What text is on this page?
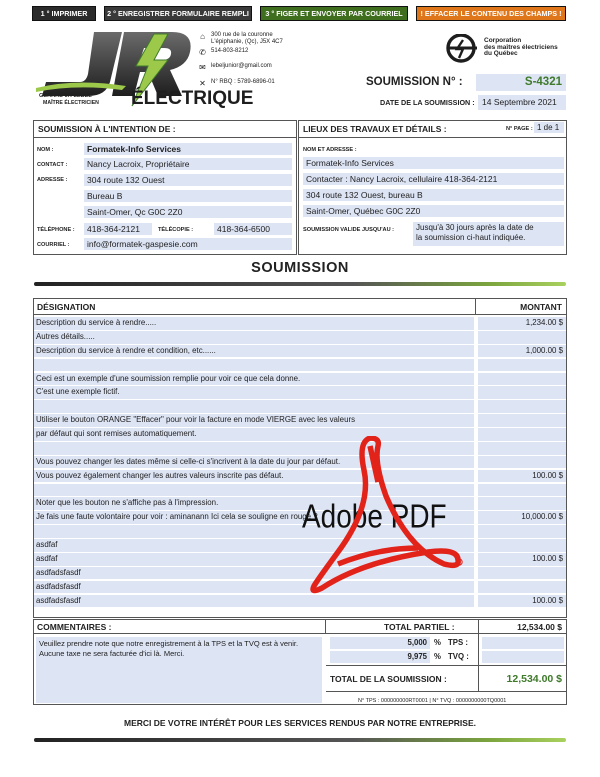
1 ° IMPRIMER	2 ° ENREGISTRER FORMULAIRE REMPLI	3 ° FIGER ET ENVOYER PAR COURRIEL	! EFFACER LE CONTENU DES CHAMPS !
GÉRARD JR LEBEL
MAÎTRE ÉLECTRICIEN ÉLECTRIQUE
⌂	300 rue de la couronne
L'épiphanie, (Qc), J5X 4C7
✆ 514-803-8212
✉ lebeljunior@gmail.com
✕ N° RBQ : 5789-6896-01
Corporation
des maîtres électriciens
du Québec
SOUMISSION N° :	S-4321
DATE DE LA SOUMISSION : 14 Septembre 2021
SOUMISSION À L'INTENTION DE :
NOM :	Formatek-Info Services
CONTACT :	Nancy Lacroix, Propriétaire
ADRESSE :	304 route 132 Ouest
Bureau B
Saint-Omer, Qc G0C 2Z0
TÉLÉPHONE :	418-364-2121	TÉLÉCOPIE :	418-364-6500
COURRIEL :	info@formatek-gaspesie.com
LIEUX DES TRAVAUX ET DÉTAILS :	N° PAGE : 1 de 1
NOM ET ADRESSE :
Formatek-Info Services
Contacter : Nancy Lacroix, cellulaire 418-364-2121
304 route 132 Ouest, bureau B
Saint-Omer, Québec G0C 2Z0
SOUMISSION VALIDE JUSQU'AU :	Jusqu'à 30 jours après la date de
la soumission ci-haut indiquée.
SOUMISSION
DÉSIGNATION	MONTANT
Description du service à rendre.....	1,234.00 $
Autres détails.....
Description du service à rendre et condition, etc......	1,000.00 $
Ceci est un exemple d'une soumission remplie pour voir ce que cela donne.
C'est une exemple fictif.
Utiliser le bouton ORANGE "Effacer" pour voir la facture en mode VIERGE avec les valeurs
par défaut qui sont remises automatiquement.
Vous pouvez changer les dates même si celle-ci s'incrivent à la date du jour par défaut.
Vous pouvez également changer les autres valeurs inscrite pas défaut.	100.00 $
Noter que les bouton ne s'affiche pas à l'impression.
Je fais une faute volontaire pour voir : aminanann Ici cela se souligne en rouge ?	10,000.00 $
asdfaf
asdfaf	100.00 $
asdfadsfasdf
asdfadsfasdf
asdfadsfasdf	100.00 $
COMMENTAIRES :
Veuillez prendre note que notre enregistrement à la TPS et la TVQ est à venir. Aucune taxe ne sera facturée d'ici là. Merci.
TOTAL PARTIEL :	12,534.00 $
5,000 % TPS :
9,975 % TVQ :
TOTAL DE LA SOUMISSION :	12,534.00 $
N° TPS : 000000000RT0001 | N° TVQ : 0000000000TQ0001
MERCI DE VOTRE INTÉRÊT POUR LES SERVICES RENDUS PAR NOTRE ENTREPRISE.
Adobe PDF
